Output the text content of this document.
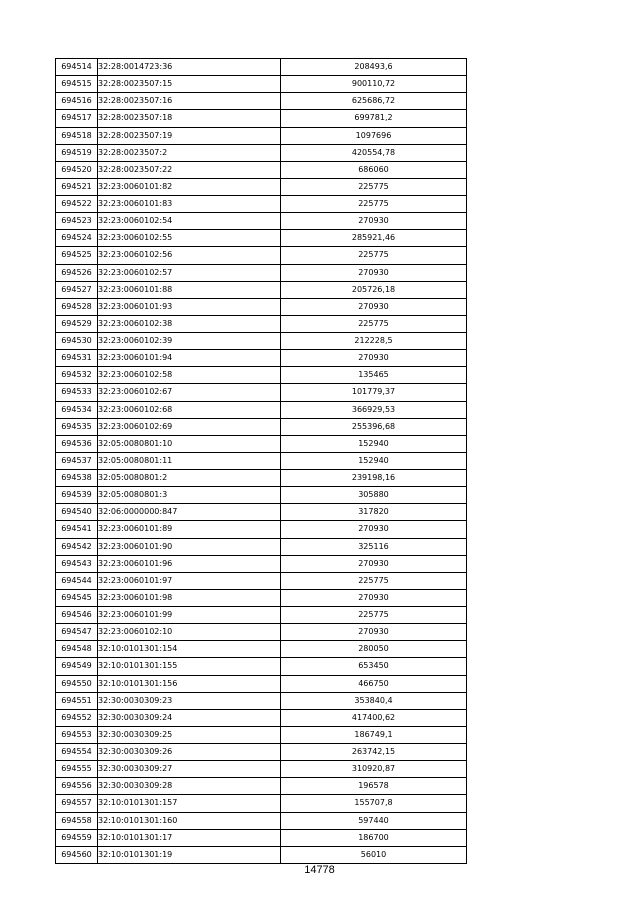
694514	32:28:0014723:36	208493,6
694515	32:28:0023507:15	900110,72
694516	32:28:0023507:16	625686,72
694517	32:28:0023507:18	699781,2
694518	32:28:0023507:19	1097696
694519	32:28:0023507:2	420554,78
694520	32:28:0023507:22	686060
694521	32:23:0060101:82	225775
694522	32:23:0060101:83	225775
694523	32:23:0060102:54	270930
694524	32:23:0060102:55	285921,46
694525	32:23:0060102:56	225775
694526	32:23:0060102:57	270930
694527	32:23:0060101:88	205726,18
694528	32:23:0060101:93	270930
694529	32:23:0060102:38	225775
694530	32:23:0060102:39	212228,5
694531	32:23:0060101:94	270930
694532	32:23:0060102:58	135465
694533	32:23:0060102:67	101779,37
694534	32:23:0060102:68	366929,53
694535	32:23:0060102:69	255396,68
694536	32:05:0080801:10	152940
694537	32:05:0080801:11	152940
694538	32:05:0080801:2	239198,16
694539	32:05:0080801:3	305880
694540	32:06:0000000:847	317820
694541	32:23:0060101:89	270930
694542	32:23:0060101:90	325116
694543	32:23:0060101:96	270930
694544	32:23:0060101:97	225775
694545	32:23:0060101:98	270930
694546	32:23:0060101:99	225775
694547	32:23:0060102:10	270930
694548	32:10:0101301:154	280050
694549	32:10:0101301:155	653450
694550	32:10:0101301:156	466750
694551	32:30:0030309:23	353840,4
694552	32:30:0030309:24	417400,62
694553	32:30:0030309:25	186749,1
694554	32:30:0030309:26	263742,15
694555	32:30:0030309:27	310920,87
694556	32:30:0030309:28	196578
694557	32:10:0101301:157	155707,8
694558	32:10:0101301:160	597440
694559	32:10:0101301:17	186700
694560	32:10:0101301:19	56010
14778
